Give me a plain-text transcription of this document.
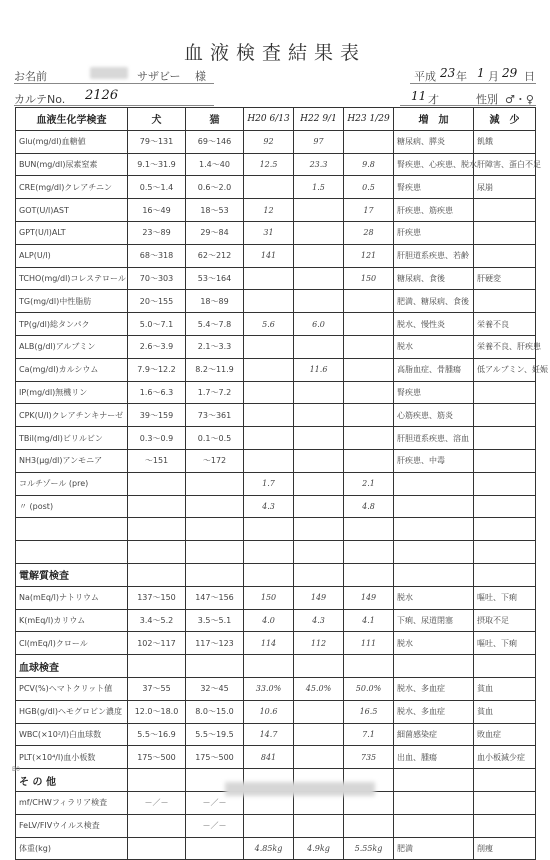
血液検査結果表
お名前	サザビー 様	平成 23 年 1 月 29 日
カルテNo. 2126	11 才	性別 ♂・♀
血液生化学検査	犬	猫	H20 6/13	H22 9/1	H23 1/29	増　加	減　少
Glu(mg/dl)血糖値	79～131	69～146	92	97		糖尿病、膵炎	飢餓
BUN(mg/dl)尿素窒素	9.1～31.9	1.4～40	12.5	23.3	9.8	腎疾患、心疾患、脱水	肝障害、蛋白不足
CRE(mg/dl)クレアチニン	0.5～1.4	0.6～2.0		1.5	0.5	腎疾患	尿崩
GOT(U/l)AST	16～49	18～53	12		17	肝疾患、筋疾患	
GPT(U/l)ALT	23～89	29～84	31		28	肝疾患	
ALP(U/l)	68～318	62～212	141		121	肝胆道系疾患、若齢	
TCHO(mg/dl)コレステロール	70～303	53～164			150	糖尿病、食後	肝硬変
TG(mg/dl)中性脂肪	20～155	18～89				肥満、糖尿病、食後	
TP(g/dl)総タンパク	5.0～7.1	5.4～7.8	5.6	6.0		脱水、慢性炎	栄養不良
ALB(g/dl)アルブミン	2.6～3.9	2.1～3.3				脱水	栄養不良、肝疾患
Ca(mg/dl)カルシウム	7.9～12.2	8.2～11.9		11.6		高脂血症、骨腫瘍	低アルブミン、妊娠
IP(mg/dl)無機リン	1.6～6.3	1.7～7.2				腎疾患	
CPK(U/l)クレアチンキナーゼ	39～159	73～361				心筋疾患、筋炎	
TBil(mg/dl)ビリルビン	0.3～0.9	0.1～0.5				肝胆道系疾患、溶血	
NH3(μg/dl)アンモニア	～151	～172				肝疾患、中毒	
コルチゾール (pre)			1.7		2.1		
〃 (post)			4.3		4.8		

電解質検査							
Na(mEq/l)ナトリウム	137～150	147～156	150	149	149	脱水	嘔吐、下痢
K(mEq/l)カリウム	3.4～5.2	3.5～5.1	4.0	4.3	4.1	下痢、尿道閉塞	摂取不足
Cl(mEq/l)クロール	102～117	117～123	114	112	111	脱水	嘔吐、下痢
血球検査							
PCV(%)ヘマトクリット値	37～55	32～45	33.0%	45.0%	50.0%	脱水、多血症	貧血
HGB(g/dl)ヘモグロビン濃度	12.0～18.0	8.0～15.0	10.6		16.5	脱水、多血症	貧血
WBC(×10²/l)白血球数	5.5～16.9	5.5～19.5	14.7		7.1	細菌感染症	敗血症
PLT(×10⁴/l)血小板数	175～500	175～500	841		735	出血、腫瘍	血小板減少症
そ の 他							
mf/CHWフィラリア検査	－／－	－／－					
FeLV/FIVウイルス検査		－／－					
体重(kg)			4.85kg	4.9kg	5.55kg	肥満	削痩
B0
